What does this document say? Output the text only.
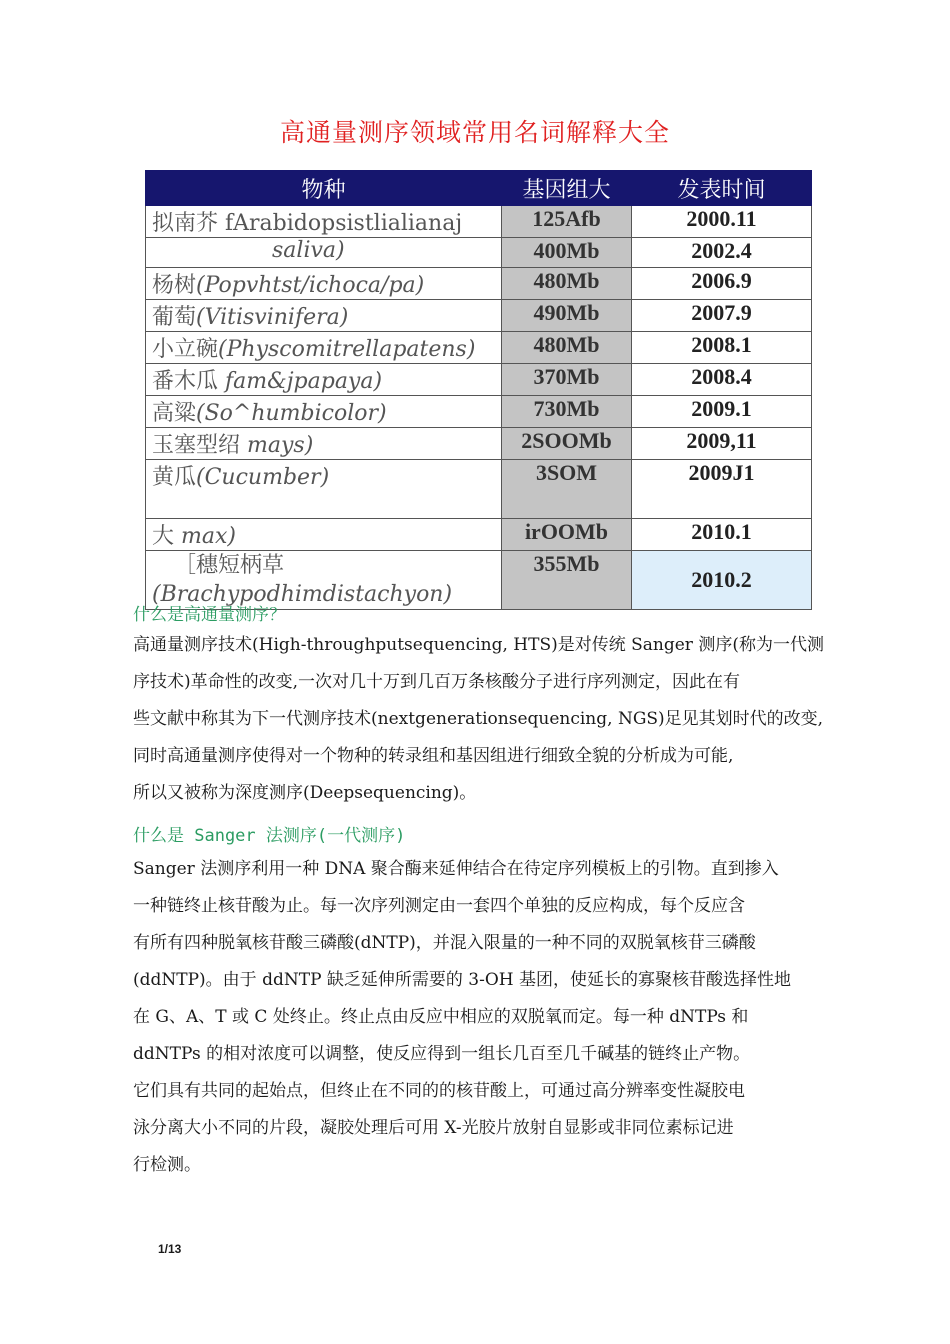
高通量测序领域常用名词解释大全
物种	基因组大	发表时间
拟南芥 fArabidopsistlialianaj	125Afb	2000.11
saliva)	400Mb	2002.4
杨树(Popvhtst/ichoca/pa)	480Mb	2006.9
葡萄(Vitisvinifera)	490Mb	2007.9
小立碗(Physcomitrellapatens)	480Mb	2008.1
番木瓜 fam&jpapaya)	370Mb	2008.4
高粱(So^humbicolor)	730Mb	2009.1
玉塞型绍 mays)	2SOOMb	2009,11
黄瓜(Cucumber)	3SOM	2009J1
大 max)	irOOMb	2010.1
［穗短柄草
(Brachypodhimdistachyon)	355Mb	2010.2
什么是高通量测序？
高通量测序技术(High-throughputsequencing, HTS)是对传统 Sanger 测序(称为一代测
序技术)革命性的改变,一次对几十万到几百万条核酸分子进行序列测定，因此在有
些文献中称其为下一代测序技术(nextgenerationsequencing, NGS)足见其划时代的改变,
同时高通量测序使得对一个物种的转录组和基因组进行细致全貌的分析成为可能,
所以又被称为深度测序(Deepsequencing)。
什么是 Sanger 法测序(一代测序)
Sanger 法测序利用一种 DNA 聚合酶来延伸结合在待定序列模板上的引物。直到掺入
一种链终止核苷酸为止。每一次序列测定由一套四个单独的反应构成，每个反应含
有所有四种脱氧核苷酸三磷酸(dNTP)，并混入限量的一种不同的双脱氧核苷三磷酸
(ddNTP)。由于 ddNTP 缺乏延伸所需要的 3-OH 基团，使延长的寡聚核苷酸选择性地
在 G、A、T 或 C 处终止。终止点由反应中相应的双脱氧而定。每一种 dNTPs 和
ddNTPs 的相对浓度可以调整，使反应得到一组长几百至几千碱基的链终止产物。
它们具有共同的起始点，但终止在不同的的核苷酸上，可通过高分辨率变性凝胶电
泳分离大小不同的片段，凝胶处理后可用 X-光胶片放射自显影或非同位素标记进
行检测。
1/13
